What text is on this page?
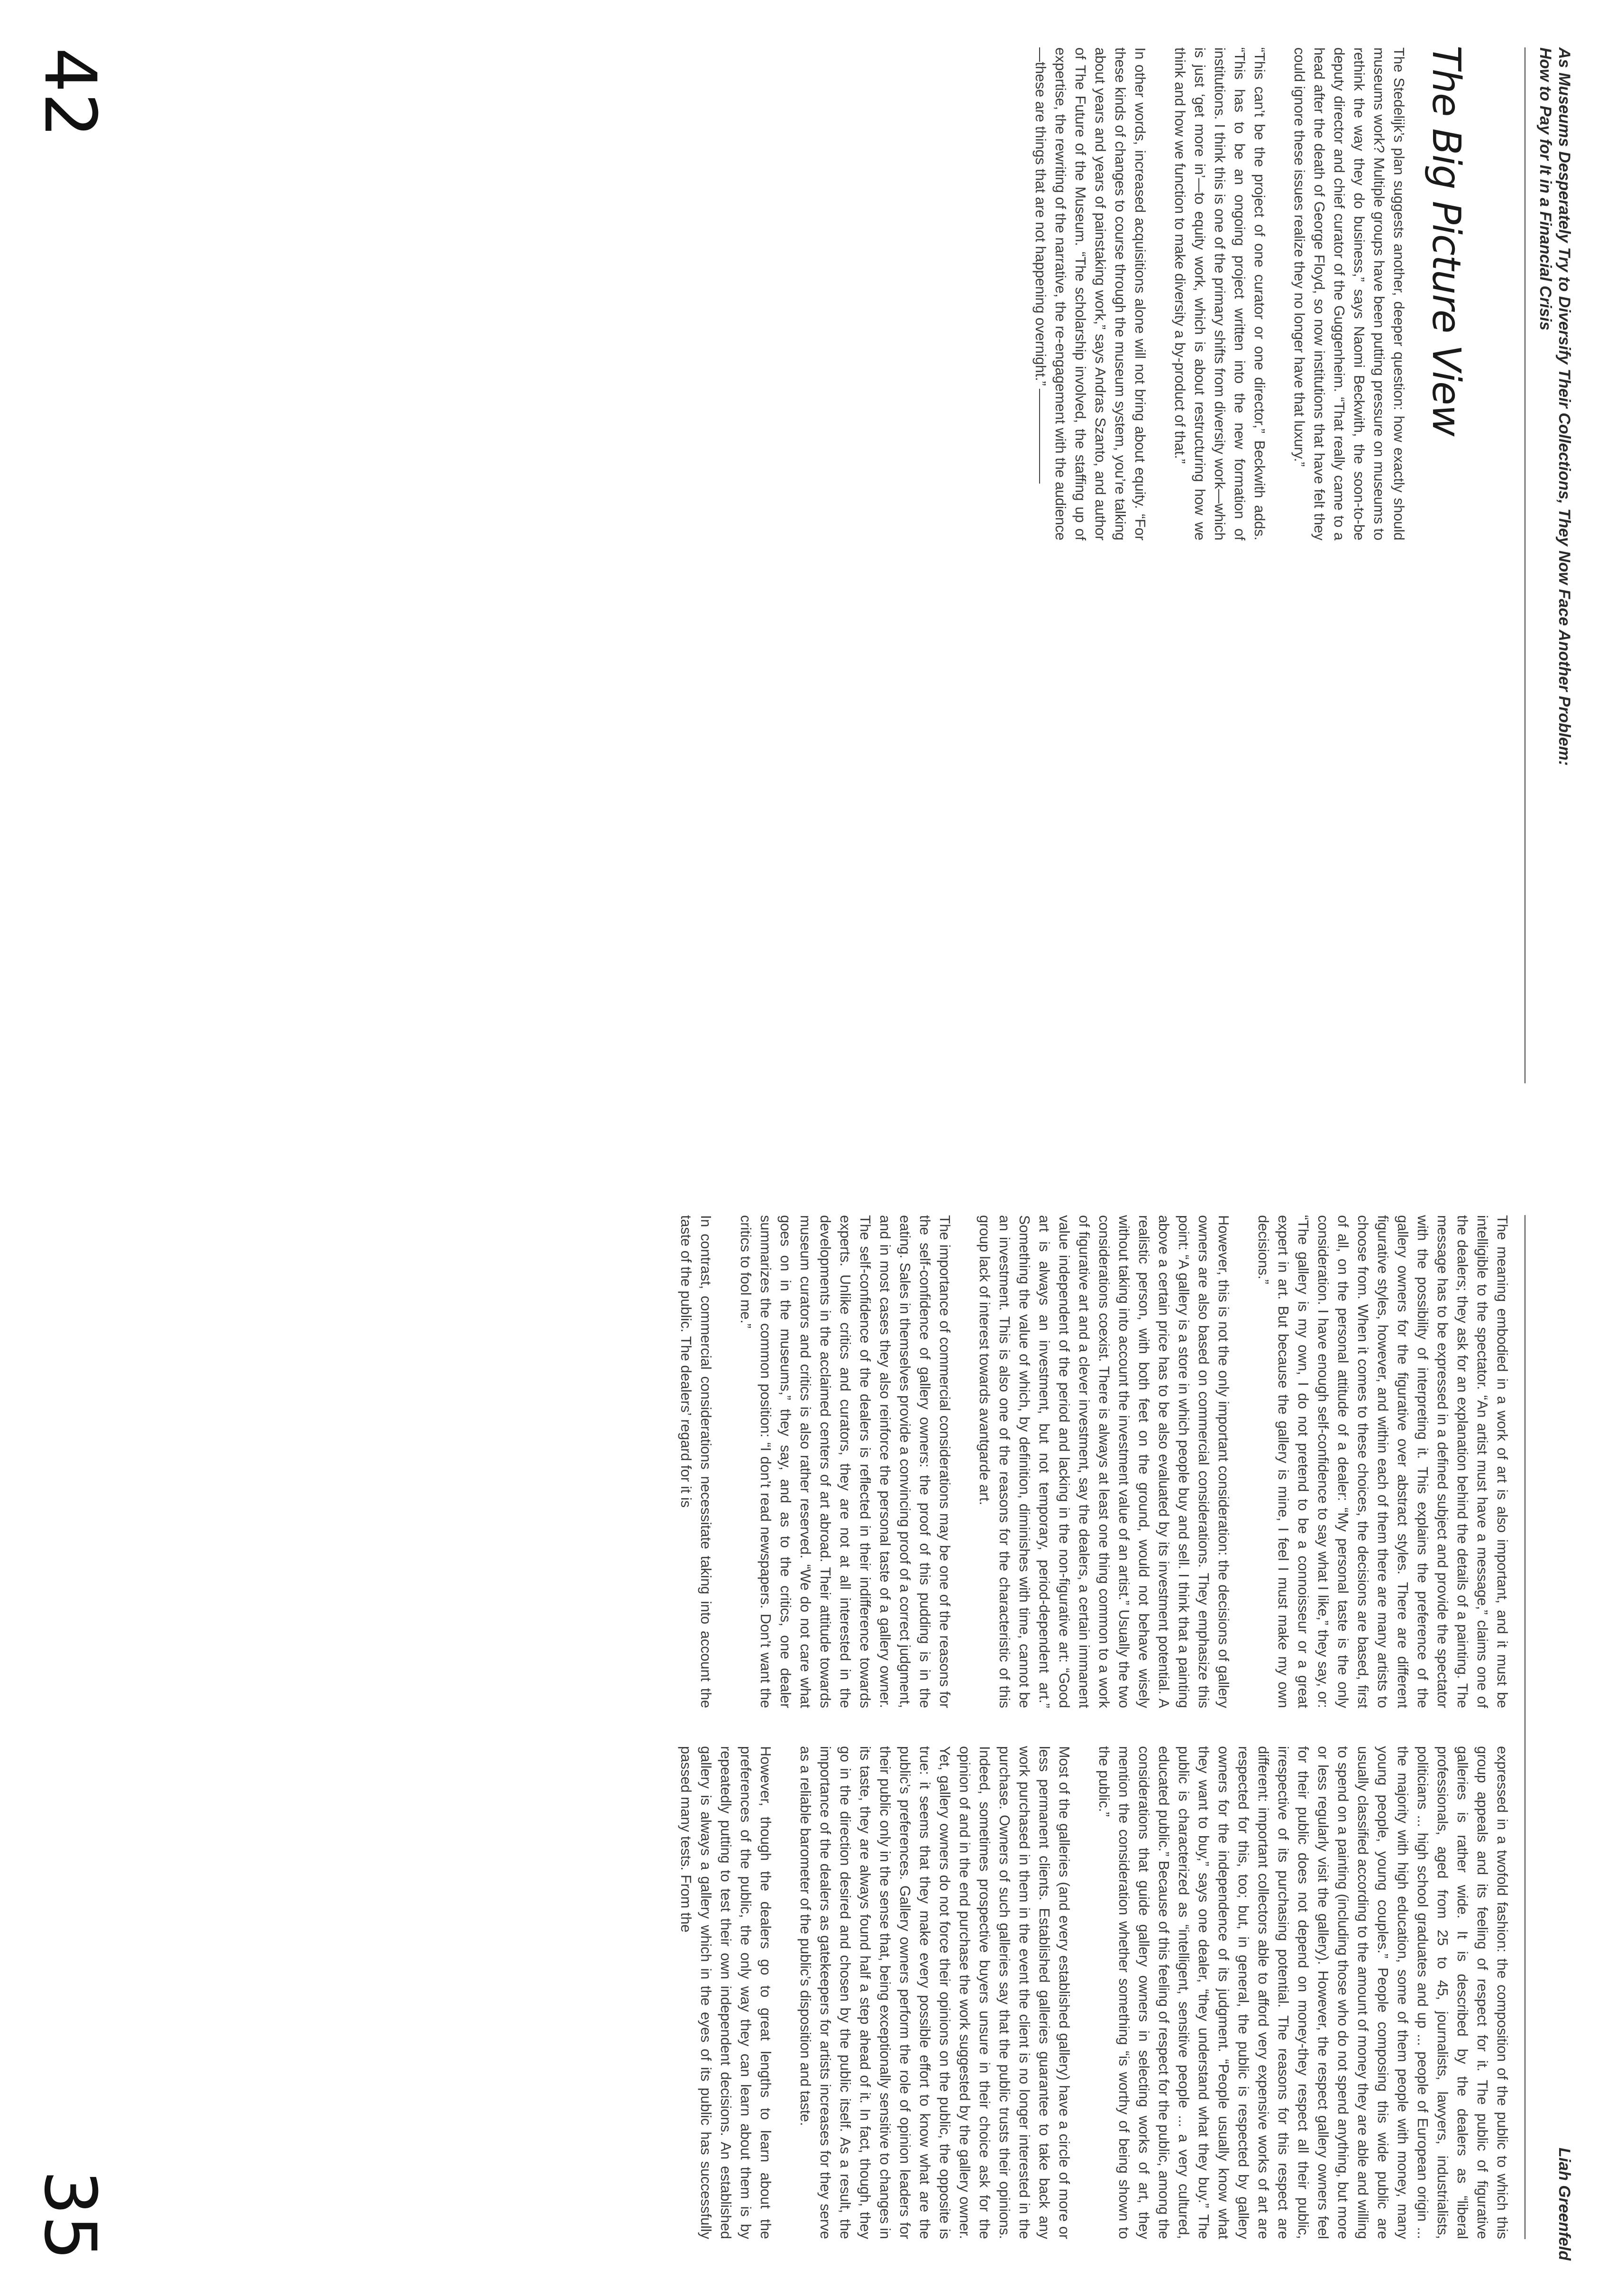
As Museums Desperately Try to Diversify Their Collections, They Now Face Another Problem:
How to Pay for It in a Financial Crisis
The Big Picture View

The Stedelijk’s plan suggests another, deeper question: how exactly should museums work? Multiple groups have been putting pressure on museums to rethink the way they do business,” says Naomi Beckwith, the soon-to-be deputy director and chief curator of the Guggenheim. “That really came to a head after the death of George Floyd, so now institutions that have felt they could ignore these issues realize they no longer have that luxury.”

“This can’t be the project of one curator or one director,” Beckwith adds. “This has to be an ongoing project written into the new formation of institutions. I think this is one of the primary shifts from diversity work—which is just ‘get more in’—to equity work, which is about restructuring how we think and how we function to make diversity a by-product of that.”

In other words, increased acquisitions alone will not bring about equity. “For these kinds of changes to course through the museum system, you’re talking about years and years of painstaking work,” says Andras Szanto, and author of The Future of the Museum. “The scholarship involved, the staffing up of expertise, the rewriting of the narrative, the re-engagement with the audience—these are things that are not happening overnight.”

42
Liah Greenfeld

The meaning embodied in a work of art is also important, and it must be intelligible to the spectator. “An artist must have a message,” claims one of the dealers; they ask for an explanation behind the details of a painting. The message has to be expressed in a defined subject and provide the spectator with the possibility of interpreting it. This explains the preference of the gallery owners for the figurative over abstract styles. There are different figurative styles, however, and within each of them there are many artists to choose from. When it comes to these choices, the decisions are based, first of all, on the personal attitude of a dealer: “My personal taste is the only consideration. I have enough self-confidence to say what I like,” they say, or: “The gallery is my own, I do not pretend to be a connoisseur or a great expert in art. But because the gallery is mine, I feel I must make my own decisions.”

However, this is not the only important consideration: the decisions of gallery owners are also based on commercial considerations. They emphasize this point: “A gallery is a store in which people buy and sell. I think that a painting above a certain price has to be also evaluated by its investment potential. A realistic person, with both feet on the ground, would not behave wisely without taking into account the investment value of an artist.” Usually the two considerations coexist. There is always at least one thing common to a work of figurative art and a clever investment, say the dealers, a certain immanent value independent of the period and lacking in the non-figurative art: “Good art is always an investment, but not temporary, period-dependent art.” Something the value of which, by definition, diminishes with time, cannot be an investment. This is also one of the reasons for the characteristic of this group lack of interest towards avantgarde art.

The importance of commercial considerations may be one of the reasons for the self-confidence of gallery owners: the proof of this pudding is in the eating. Sales in themselves provide a convincing proof of a correct judgment, and in most cases they also reinforce the personal taste of a gallery owner. The self-confidence of the dealers is reflected in their indifference towards experts. Unlike critics and curators, they are not at all interested in the developments in the acclaimed centers of art abroad. Their attitude towards museum curators and critics is also rather reserved. “We do not care what goes on in the museums,” they say, and as to the critics, one dealer summarizes the common position: “I don’t read newspapers. Don’t want the critics to fool me.”

In contrast, commercial considerations necessitate taking into account the taste of the public. The dealers’ regard for it is

expressed in a twofold fashion: the composition of the public to which this group appeals and its feeling of respect for it. The public of figurative galleries is rather wide. It is described by the dealers as “liberal professionals, aged from 25 to 45, journalists, lawyers, industrialists, politicians ... high school graduates and up ... people of European origin ... the majority with high education, some of them people with money, many young people, young couples.” People composing this wide public are usually classified according to the amount of money they are able and willing to spend on a painting (including those who do not spend anything, but more or less regularly visit the gallery). However, the respect gallery owners feel for their public does not depend on money-they respect all their public, irrespective of its purchasing potential. The reasons for this respect are different: important collectors able to afford very expensive works of art are respected for this, too; but, in general, the public is respected by gallery owners for the independence of its judgment. “People usually know what they want to buy,” says one dealer, “they understand what they buy.” The public is characterized as “intelligent, sensitive people ... a very cultured, educated public.” Because of this feeling of respect for the public, among the considerations that guide gallery owners in selecting works of art, they mention the consideration whether something “is worthy of being shown to the public.”

Most of the galleries (and every established gallery) have a circle of more or less permanent clients. Established galleries guarantee to take back any work purchased in them in the event the client is no longer interested in the purchase. Owners of such galleries say that the public trusts their opinions. Indeed, sometimes prospective buyers unsure in their choice ask for the opinion of and in the end purchase the work suggested by the gallery owner. Yet, gallery owners do not force their opinions on the public, the opposite is true: it seems that they make every possible effort to know what are the public’s preferences. Gallery owners perform the role of opinion leaders for their public only in the sense that, being exceptionally sensitive to changes in its taste, they are always found half a step ahead of it. In fact, though, they go in the direction desired and chosen by the public itself. As a result, the importance of the dealers as gatekeepers for artists increases for they serve as a reliable barometer of the public’s disposition and taste.

However, though the dealers go to great lengths to learn about the preferences of the public, the only way they can learn about them is by repeatedly putting to test their own independent decisions. An established gallery is always a gallery which in the eyes of its public has successfully passed many tests. From the

35
